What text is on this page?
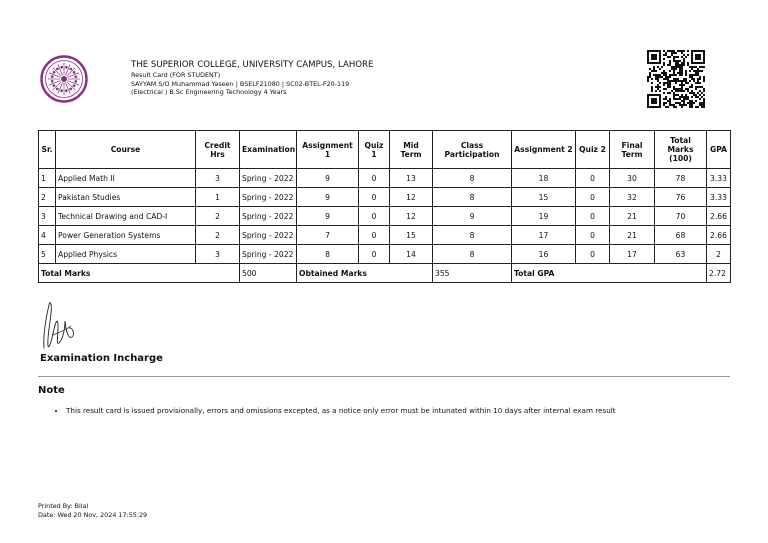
THE SUPERIOR COLLEGE, UNIVERSITY CAMPUS, LAHORE
Result Card (FOR STUDENT)
SAYYAM S/O Muhammad Yaseen | BSELF21080 | SC02-BTEL-F20-119
(Electrical ) B.Sc Engineering Technology 4 Years
Sr.	Course	Credit Hrs	Examination	Assignment 1	Quiz 1	Mid Term	Class Participation	Assignment 2	Quiz 2	Final Term	Total Marks (100)	GPA
1	Applied Math II	3	Spring - 2022	9	0	13	8	18	0	30	78	3.33
2	Pakistan Studies	1	Spring - 2022	9	0	12	8	15	0	32	76	3.33
3	Technical Drawing and CAD-I	2	Spring - 2022	9	0	12	9	19	0	21	70	2.66
4	Power Generation Systems	2	Spring - 2022	7	0	15	8	17	0	21	68	2.66
5	Applied Physics	3	Spring - 2022	8	0	14	8	16	0	17	63	2
Total Marks			500	Obtained Marks			355	Total GPA				2.72
Examination Incharge
Note
• This result card is issued provisionally, errors and omissions excepted, as a notice only error must be intunated within 10 days after internal exam result
Printed By: Bilal
Date: Wed 20 Nov, 2024 17:55:29
